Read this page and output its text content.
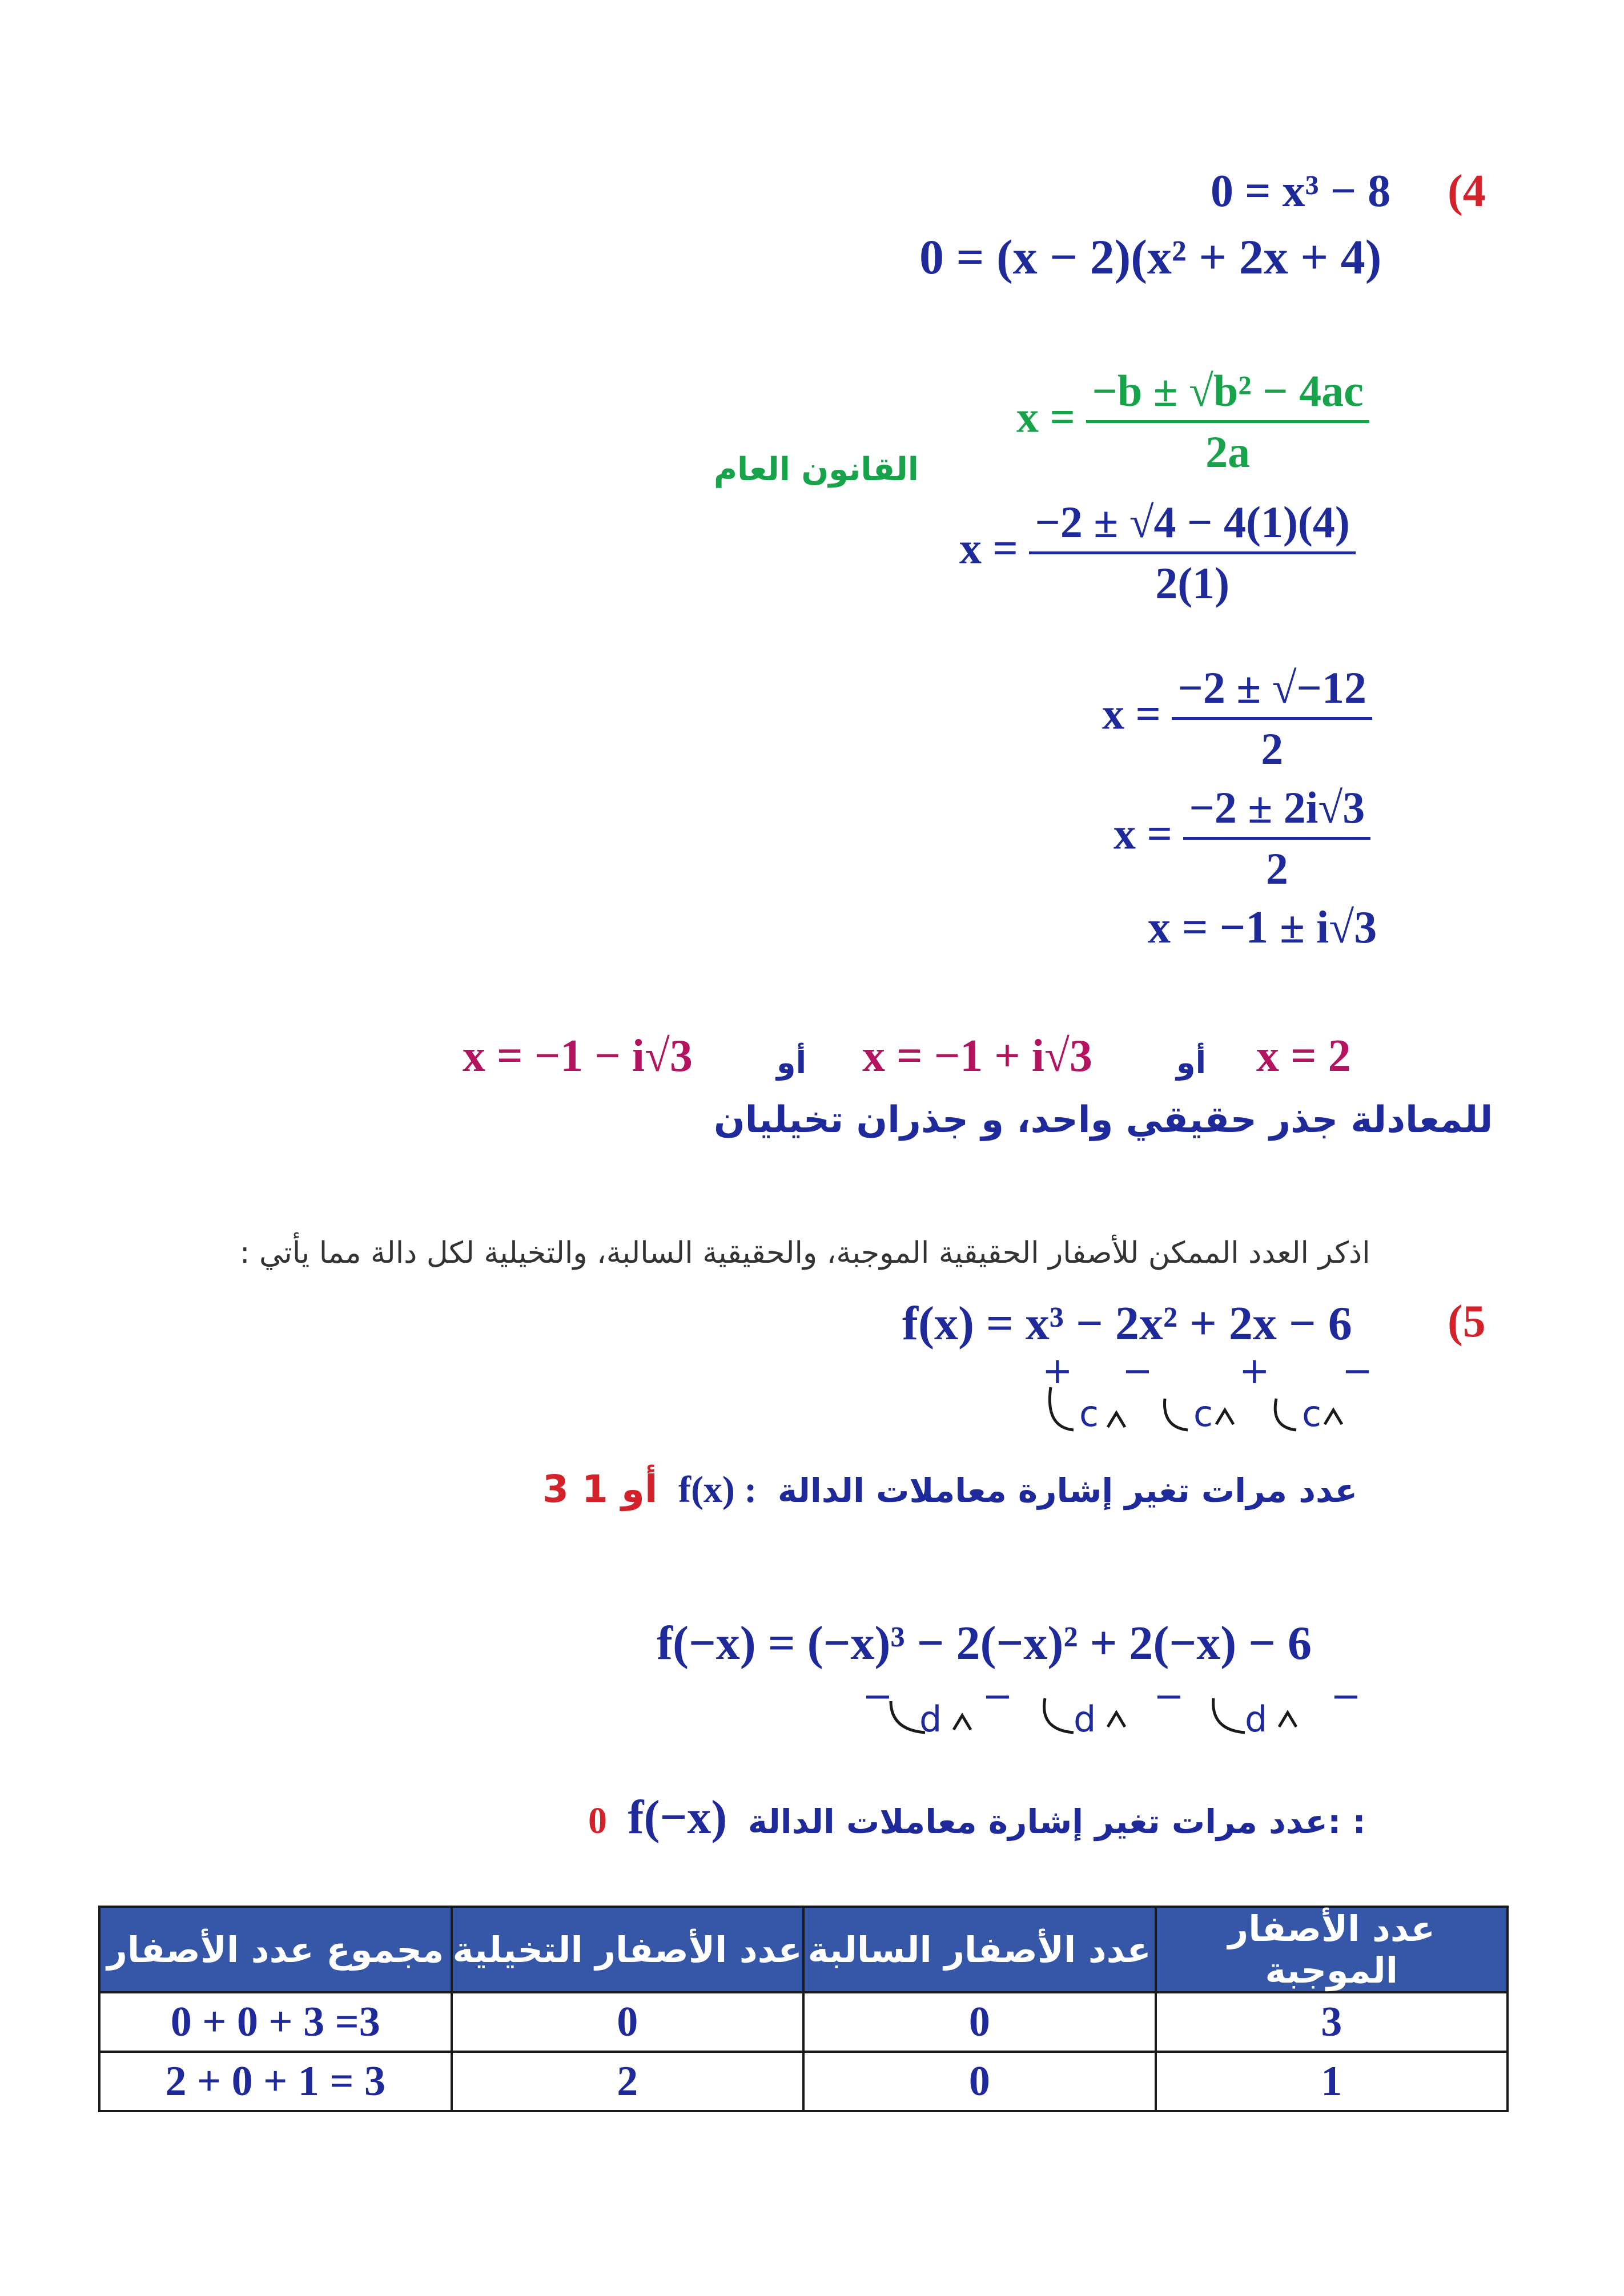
(4
0 = x³ − 8
0 = (x − 2)(x² + 2x + 4)
القانون العام
$x = \frac{\text{−b ± √b² − 4ac}}{2a}$
$x = \frac{-2 \pm √4 - 4(1)(4)}{2(1)}$
$x = \frac{-2 \pm √-12}{2}$
$x = \frac{-2 \pm 2i√3}{2}$
x = −1 ± i√3
x = 2
أو
x = −1 + i√3
أو
x = −1 − i√3
للمعادلة جذر حقيقي واحد، و جذران تخيليان
اذكر العدد الممكن للأصفار الحقيقية الموجبة، والحقيقية السالبة، والتخيلية لكل دالة مما يأتي :
(5
f(x) = x³ − 2x² + 2x − 6
+ − + −
c	c	c
3 أو 1 f(x) : عدد مرات تغير إشارة معاملات الدالة
f(−x) = (−x)³ − 2(−x)² + 2(−x) − 6
− −	−	−
d	d	d
0 f(−x) عدد مرات تغير إشارة معاملات الدالة: :
مجموع عدد الأصفار	عدد الأصفار التخيلية	عدد الأصفار السالبة	عدد الأصفار الموجبة
0 + 0 + 3 =3	0	0	3
2 + 0 + 1 = 3	2	0	1
